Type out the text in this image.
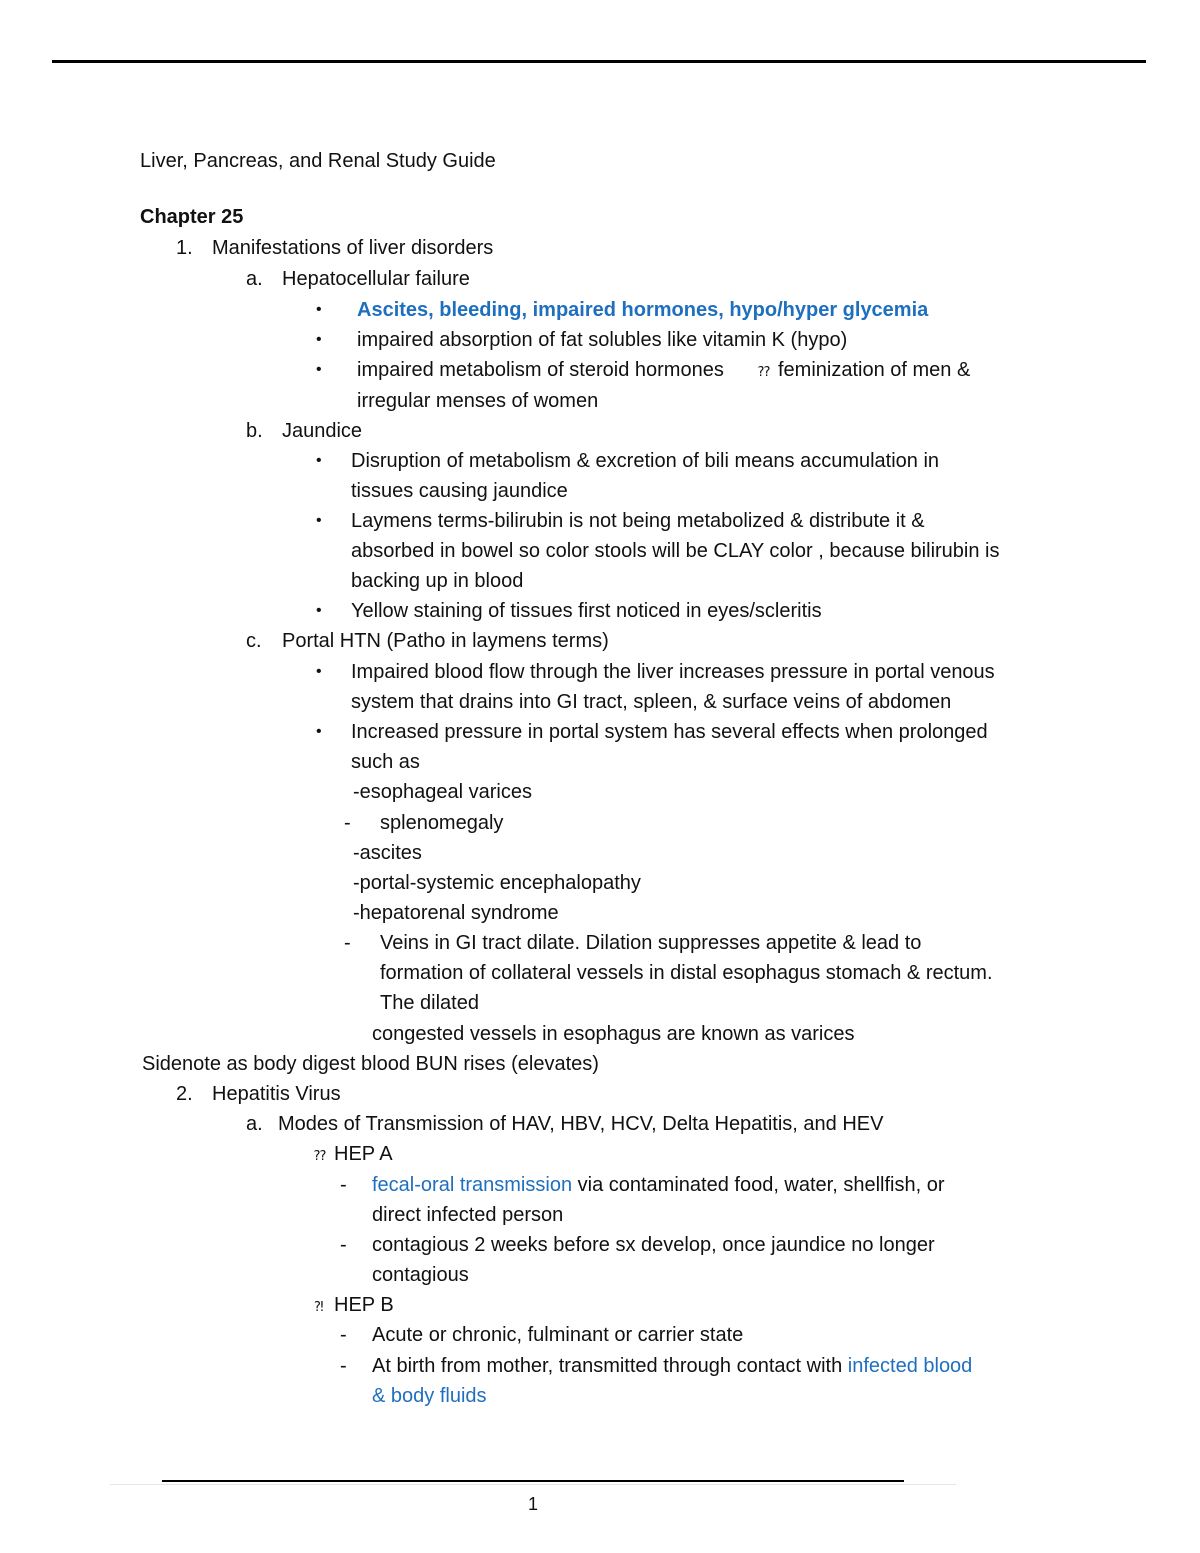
Liver, Pancreas, and Renal Study Guide
Chapter 25
1. Manifestations of liver disorders
a. Hepatocellular failure
• Ascites, bleeding, impaired hormones, hypo/hyper glycemia
• impaired absorption of fat solubles like vitamin K (hypo)
• impaired metabolism of steroid hormones	⁇ feminization of men &
irregular menses of women
b. Jaundice
• Disruption of metabolism & excretion of bili means accumulation in
tissues causing jaundice
• Laymens terms-bilirubin is not being metabolized & distribute it &
absorbed in bowel so color stools will be CLAY color , because bilirubin is
backing up in blood
• Yellow staining of tissues first noticed in eyes/scleritis
c. Portal HTN (Patho in laymens terms)
• Impaired blood flow through the liver increases pressure in portal venous
system that drains into GI tract, spleen, & surface veins of abdomen
• Increased pressure in portal system has several effects when prolonged
such as
-esophageal varices
- splenomegaly
-ascites
-portal-systemic encephalopathy
-hepatorenal syndrome
- Veins in GI tract dilate. Dilation suppresses appetite & lead to
formation of collateral vessels in distal esophagus stomach & rectum.
The dilated
congested vessels in esophagus are known as varices
Sidenote as body digest blood BUN rises (elevates)
2. Hepatitis Virus
a. Modes of Transmission of HAV, HBV, HCV, Delta Hepatitis, and HEV
⁇ HEP A
- fecal-oral transmission via contaminated food, water, shellfish, or
direct infected person
- contagious 2 weeks before sx develop, once jaundice no longer
contagious
⁈ HEP B
- Acute or chronic, fulminant or carrier state
- At birth from mother, transmitted through contact with infected blood
& body fluids
1
